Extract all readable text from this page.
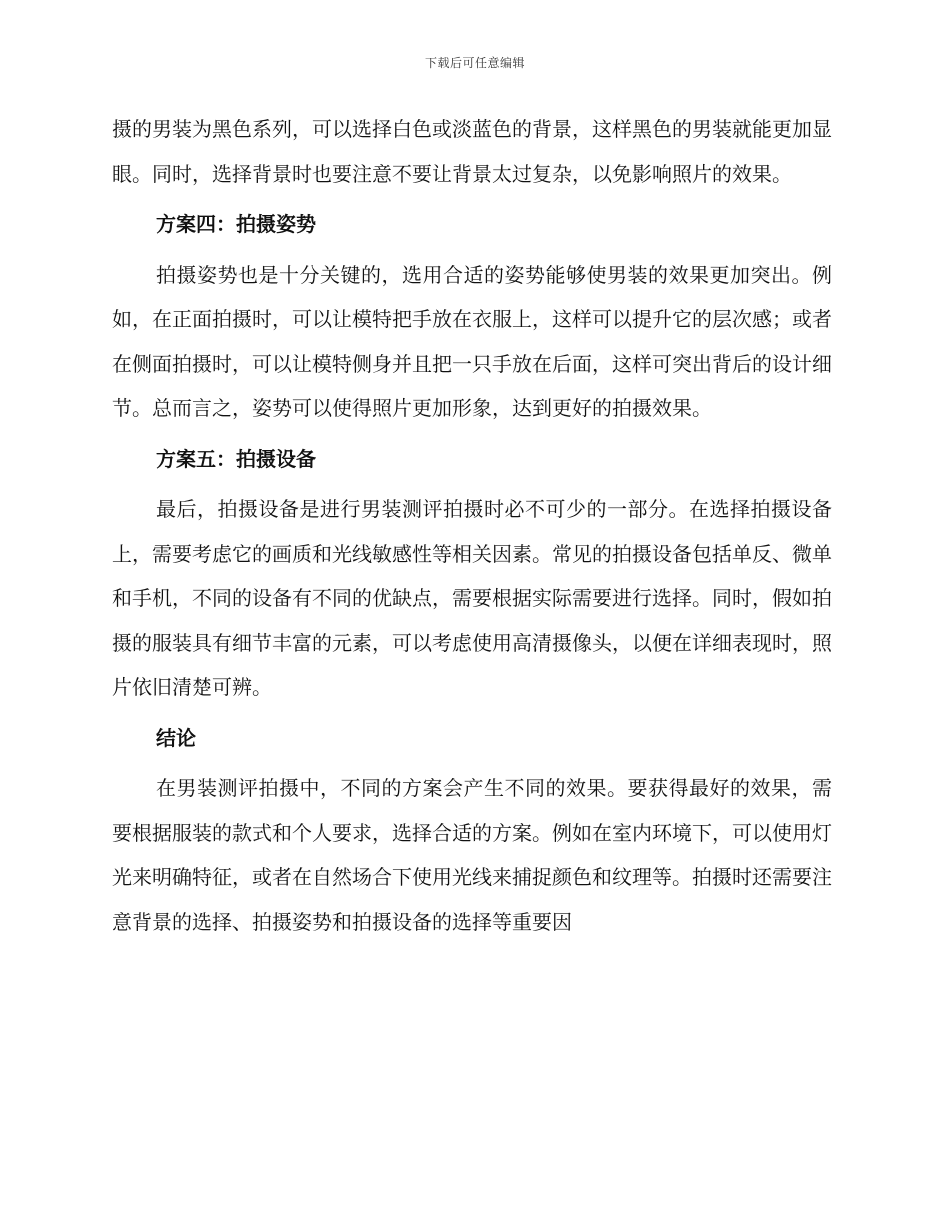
下载后可任意编辑

摄的男装为黑色系列，可以选择白色或淡蓝色的背景，这样黑色的男装就能更加显眼。同时，选择背景时也要注意不要让背景太过复杂，以免影响照片的效果。

方案四：拍摄姿势

拍摄姿势也是十分关键的，选用合适的姿势能够使男装的效果更加突出。例如，在正面拍摄时，可以让模特把手放在衣服上，这样可以提升它的层次感；或者在侧面拍摄时，可以让模特侧身并且把一只手放在后面，这样可突出背后的设计细节。总而言之，姿势可以使得照片更加形象，达到更好的拍摄效果。

方案五：拍摄设备

最后，拍摄设备是进行男装测评拍摄时必不可少的一部分。在选择拍摄设备上，需要考虑它的画质和光线敏感性等相关因素。常见的拍摄设备包括单反、微单和手机，不同的设备有不同的优缺点，需要根据实际需要进行选择。同时，假如拍摄的服装具有细节丰富的元素，可以考虑使用高清摄像头，以便在详细表现时，照片依旧清楚可辨。

结论

在男装测评拍摄中，不同的方案会产生不同的效果。要获得最好的效果，需要根据服装的款式和个人要求，选择合适的方案。例如在室内环境下，可以使用灯光来明确特征，或者在自然场合下使用光线来捕捉颜色和纹理等。拍摄时还需要注意背景的选择、拍摄姿势和拍摄设备的选择等重要因
